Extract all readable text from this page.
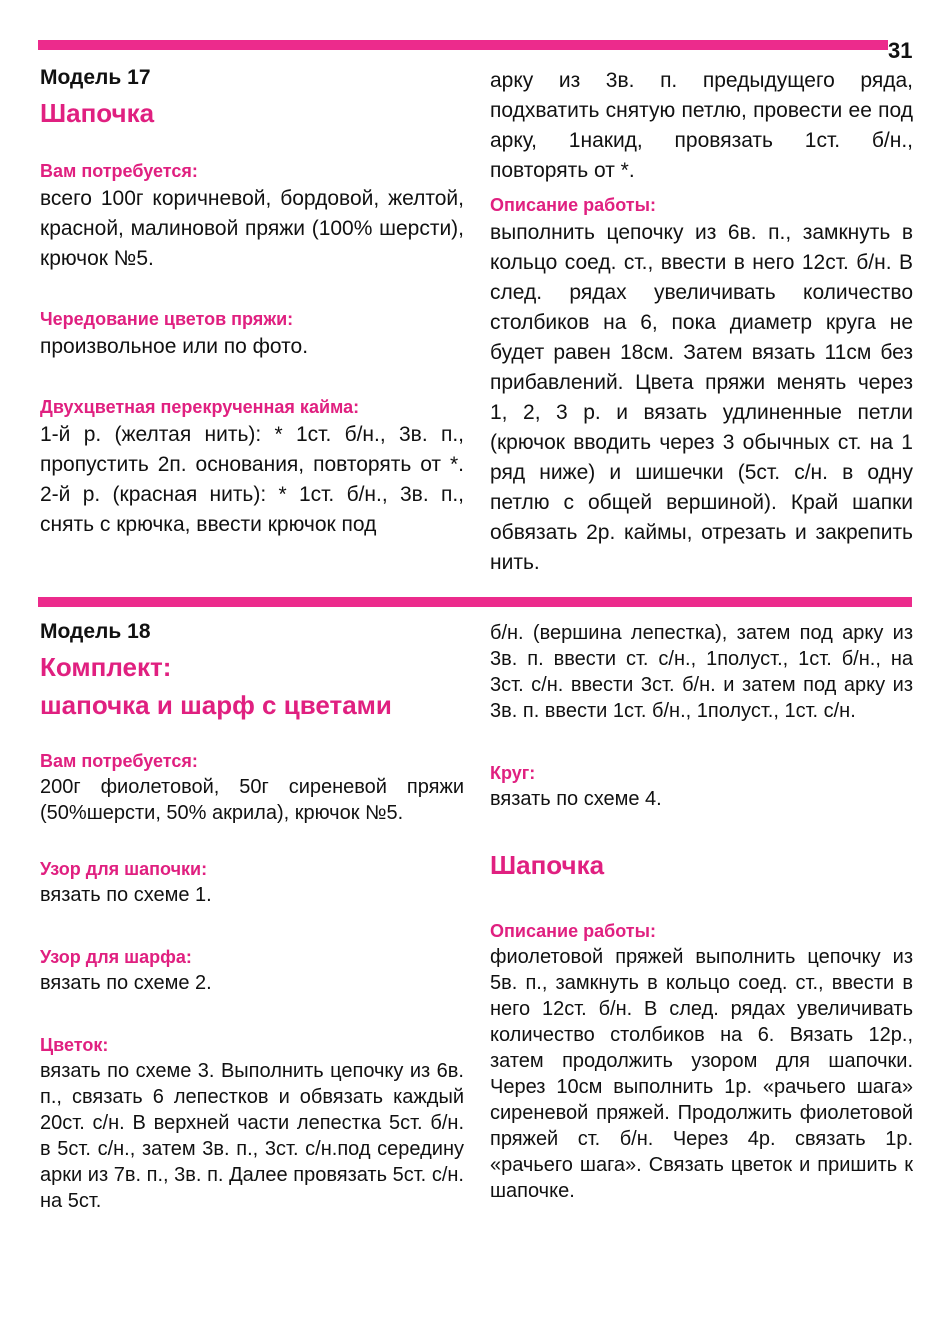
31

Модель 17

Шапочка

Вам потребуется:

всего 100г коричневой, бордовой, желтой, красной, малиновой пряжи (100% шерсти), крючок №5.

Чередование цветов пряжи:

произвольное или по фото.

Двухцветная перекрученная кайма:

1-й р. (желтая нить): * 1ст. б/н., 3в. п., пропустить 2п. основания, повторять от *. 2-й р. (красная нить): * 1ст. б/н., 3в. п., снять с крючка, ввести крючок под

арку из 3в. п. предыдущего ряда, подхватить снятую петлю, провести ее под арку, 1накид, провязать 1ст. б/н., повторять от *.

Описание работы:

выполнить цепочку из 6в. п., замкнуть в кольцо соед. ст., ввести в него 12ст. б/н. В след. рядах увеличивать количество столбиков на 6, пока диаметр круга не будет равен 18см. Затем вязать 11см без прибавлений. Цвета пряжи менять через 1, 2, 3 р. и вязать удлиненные петли (крючок вводить через 3 обычных ст. на 1 ряд ниже) и шишечки (5ст. с/н. в одну петлю с общей вершиной). Край шапки обвязать 2р. каймы, отрезать и закрепить нить.

Модель 18

Комплект:

шапочка и шарф с цветами

Вам потребуется:

200г фиолетовой, 50г сиреневой пряжи (50%шерсти, 50% акрила), крючок №5.

Узор для шапочки:

вязать по схеме 1.

Узор для шарфа:

вязать по схеме 2.

Цветок:

вязать по схеме 3. Выполнить цепочку из 6в. п., связать 6 лепестков и обвязать каждый 20ст. с/н. В верхней части лепестка 5ст. б/н. в 5ст. с/н., затем 3в. п., 3ст. с/н.под середину арки из 7в. п., 3в. п. Далее провязать 5ст. с/н. на 5ст.

б/н. (вершина лепестка), затем под арку из 3в. п. ввести ст. с/н., 1полуст., 1ст. б/н., на 3ст. с/н. ввести 3ст. б/н. и затем под арку из 3в. п. ввести 1ст. б/н., 1полуст., 1ст. с/н.

Круг:

вязать по схеме 4.

Шапочка

Описание работы:

фиолетовой пряжей выполнить цепочку из 5в. п., замкнуть в кольцо соед. ст., ввести в него 12ст. б/н. В след. рядах увеличивать количество столбиков на 6. Вязать 12р., затем продолжить узором для шапочки. Через 10см выполнить 1р. «рачьего шага» сиреневой пряжей. Продолжить фиолетовой пряжей ст. б/н. Через 4р. связать 1р. «рачьего шага». Связать цветок и пришить к шапочке.
